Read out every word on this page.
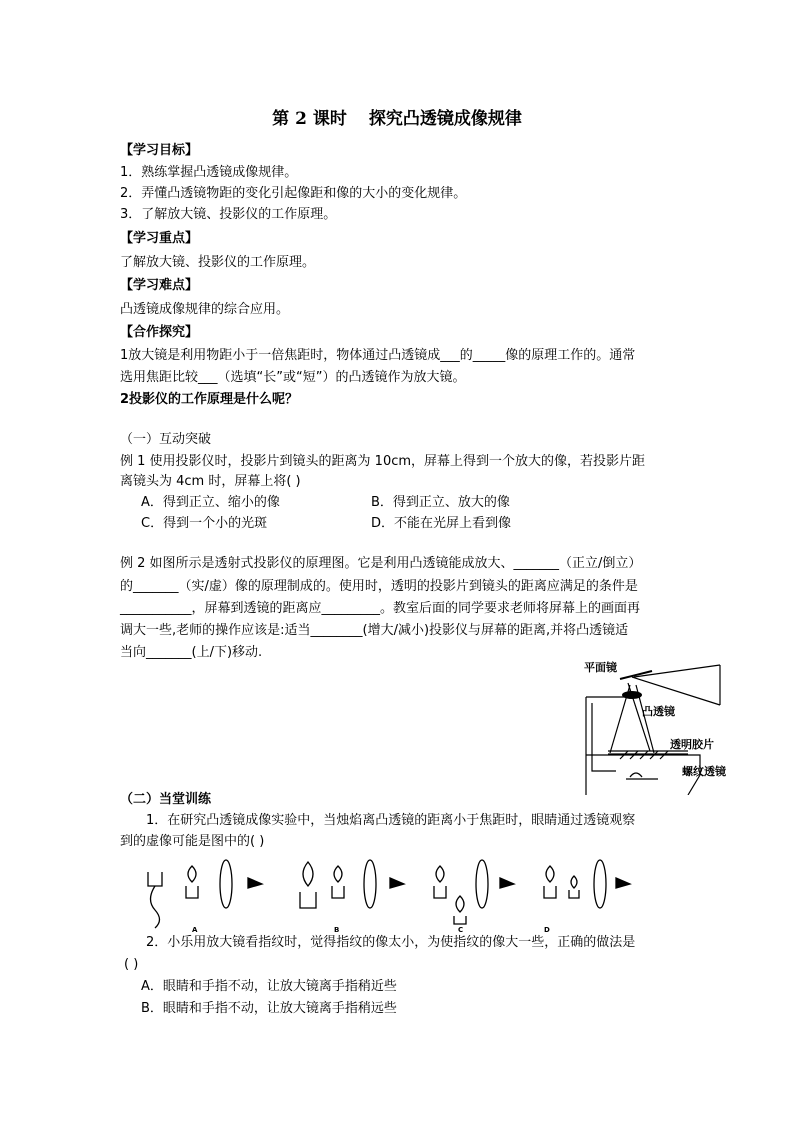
第 2 课时 探究凸透镜成像规律
【学习目标】
1．熟练掌握凸透镜成像规律。
2．弄懂凸透镜物距的变化引起像距和像的大小的变化规律。
3．了解放大镜、投影仪的工作原理。
【学习重点】
了解放大镜、投影仪的工作原理。
【学习难点】
凸透镜成像规律的综合应用。
【合作探究】
1放大镜是利用物距小于一倍焦距时，物体通过凸透镜成___的_____像的原理工作的。通常
选用焦距比较___（选填“长”或“短”）的凸透镜作为放大镜。
2投影仪的工作原理是什么呢？
（一）互动突破
例 1 使用投影仪时，投影片到镜头的距离为 10cm，屏幕上得到一个放大的像，若投影片距
离镜头为 4cm 时，屏幕上将( )
A．得到正立、缩小的像	B．得到正立、放大的像
C．得到一个小的光斑	D．不能在光屏上看到像
例 2 如图所示是透射式投影仪的原理图。它是利用凸透镜能成放大、_______（正立/倒立）
的_______（实/虚）像的原理制成的。使用时，透明的投影片到镜头的距离应满足的条件是
___________，屏幕到透镜的距离应_________。教室后面的同学要求老师将屏幕上的画面再
调大一些,老师的操作应该是:适当________(增大/减小)投影仪与屏幕的距离,并将凸透镜适
当向_______(上/下)移动.
平面镜
凸透镜
透明胶片
螺纹透镜
（二）当堂训练
1．在研究凸透镜成像实验中，当烛焰离凸透镜的距离小于焦距时，眼睛通过透镜观察
到的虚像可能是图中的( )
A	B	C	D
2．小乐用放大镜看指纹时，觉得指纹的像太小，为使指纹的像大一些，正确的做法是
( )
A．眼睛和手指不动，让放大镜离手指稍近些
B．眼睛和手指不动，让放大镜离手指稍远些
